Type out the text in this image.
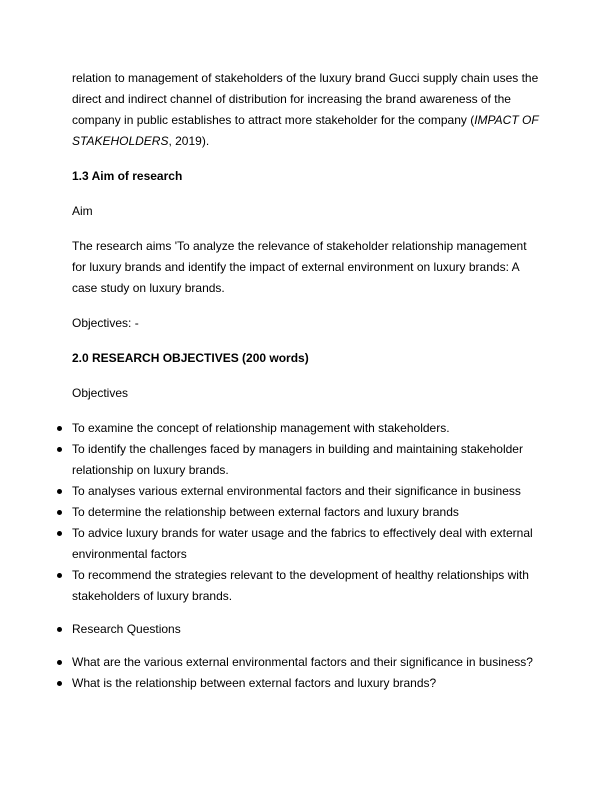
relation to management of stakeholders of the luxury brand Gucci supply chain uses the direct and indirect channel of distribution for increasing the brand awareness of the company in public establishes to attract more stakeholder for the company (IMPACT OF STAKEHOLDERS, 2019).

1.3 Aim of research

Aim

The research aims 'To analyze the relevance of stakeholder relationship management for luxury brands and identify the impact of external environment on luxury brands: A case study on luxury brands.

Objectives: -

2.0 RESEARCH OBJECTIVES (200 words)

Objectives

To examine the concept of relationship management with stakeholders.
To identify the challenges faced by managers in building and maintaining stakeholder relationship on luxury brands.
To analyses various external environmental factors and their significance in business
To determine the relationship between external factors and luxury brands
To advice luxury brands for water usage and the fabrics to effectively deal with external environmental factors
To recommend the strategies relevant to the development of healthy relationships with stakeholders of luxury brands.
Research Questions
What are the various external environmental factors and their significance in business?
What is the relationship between external factors and luxury brands?
